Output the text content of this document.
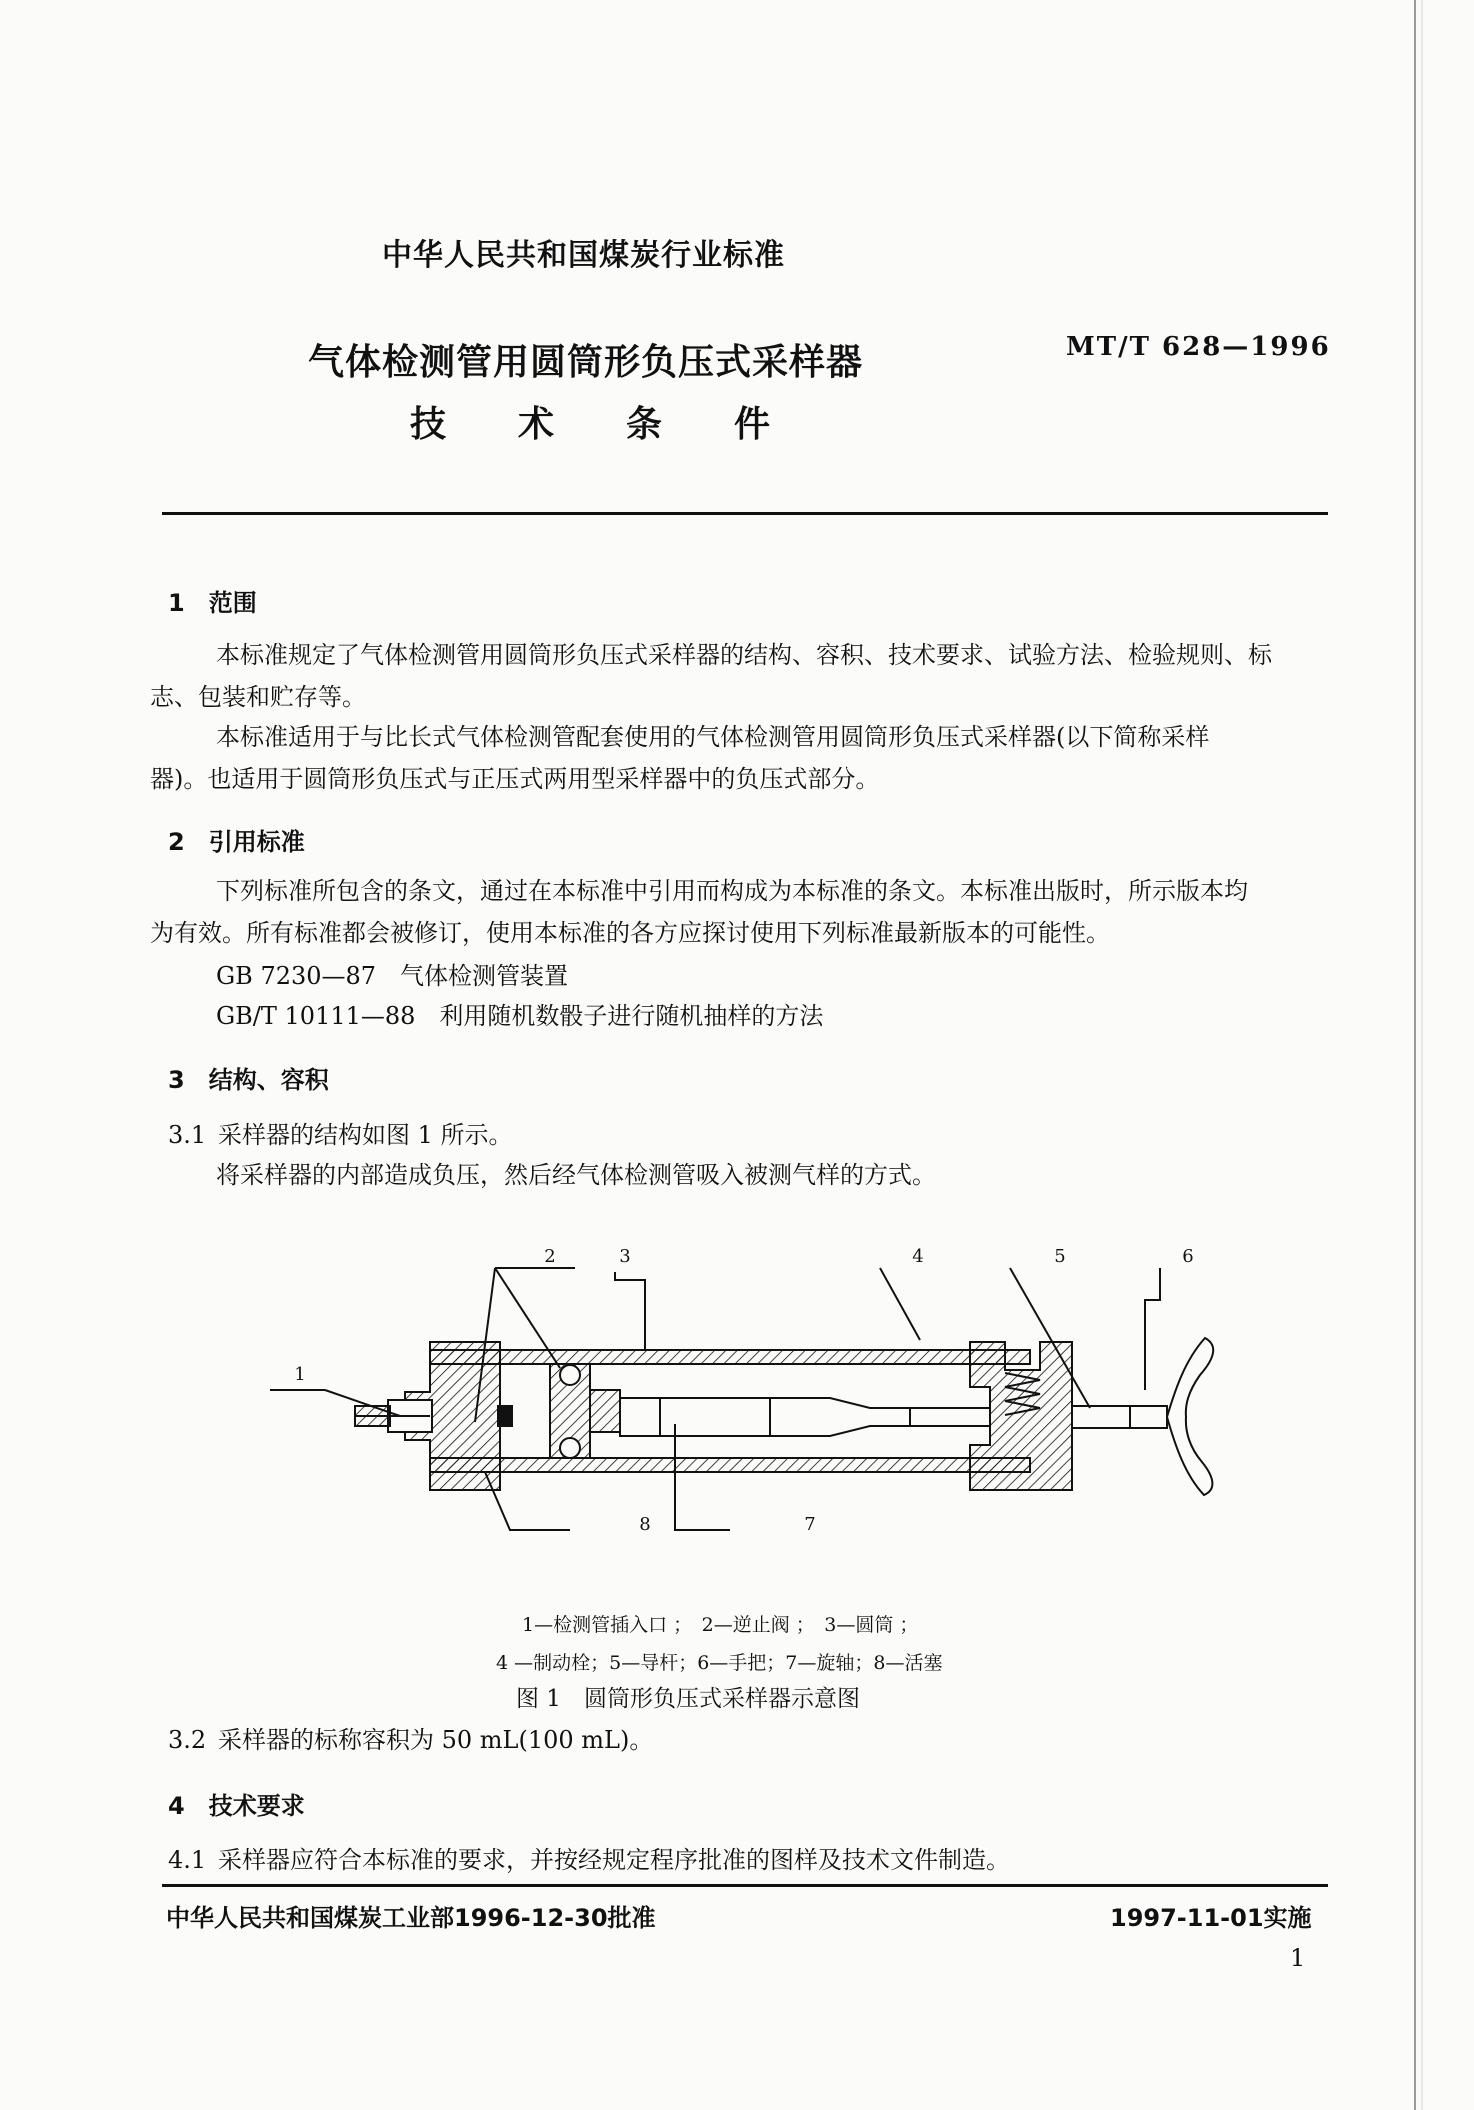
中华人民共和国煤炭行业标准
气体检测管用圆筒形负压式采样器
技　　术　　条　　件
MT/T 628—1996
1　范围
本标准规定了气体检测管用圆筒形负压式采样器的结构、容积、技术要求、试验方法、检验规则、标
志、包装和贮存等。
本标准适用于与比长式气体检测管配套使用的气体检测管用圆筒形负压式采样器(以下简称采样
器)。也适用于圆筒形负压式与正压式两用型采样器中的负压式部分。
2　引用标准
下列标准所包含的条文，通过在本标准中引用而构成为本标准的条文。本标准出版时，所示版本均
为有效。所有标准都会被修订，使用本标准的各方应探讨使用下列标准最新版本的可能性。
GB 7230—87　气体检测管装置
GB/T 10111—88　利用随机数骰子进行随机抽样的方法
3　结构、容积
3.1 采样器的结构如图 1 所示。
将采样器的内部造成负压，然后经气体检测管吸入被测气样的方式。
1
2	3	4	5	6
7
8
1—检测管插入口 ；　2—逆止阀 ；　3—圆筒 ；
4 —制动栓；5—导杆；6—手把；7—旋轴；8—活塞
图 1　圆筒形负压式采样器示意图
3.2 采样器的标称容积为 50 mL(100 mL)。
4　技术要求
4.1 采样器应符合本标准的要求，并按经规定程序批准的图样及技术文件制造。
中华人民共和国煤炭工业部1996-12-30批准	1997-11-01实施
1
